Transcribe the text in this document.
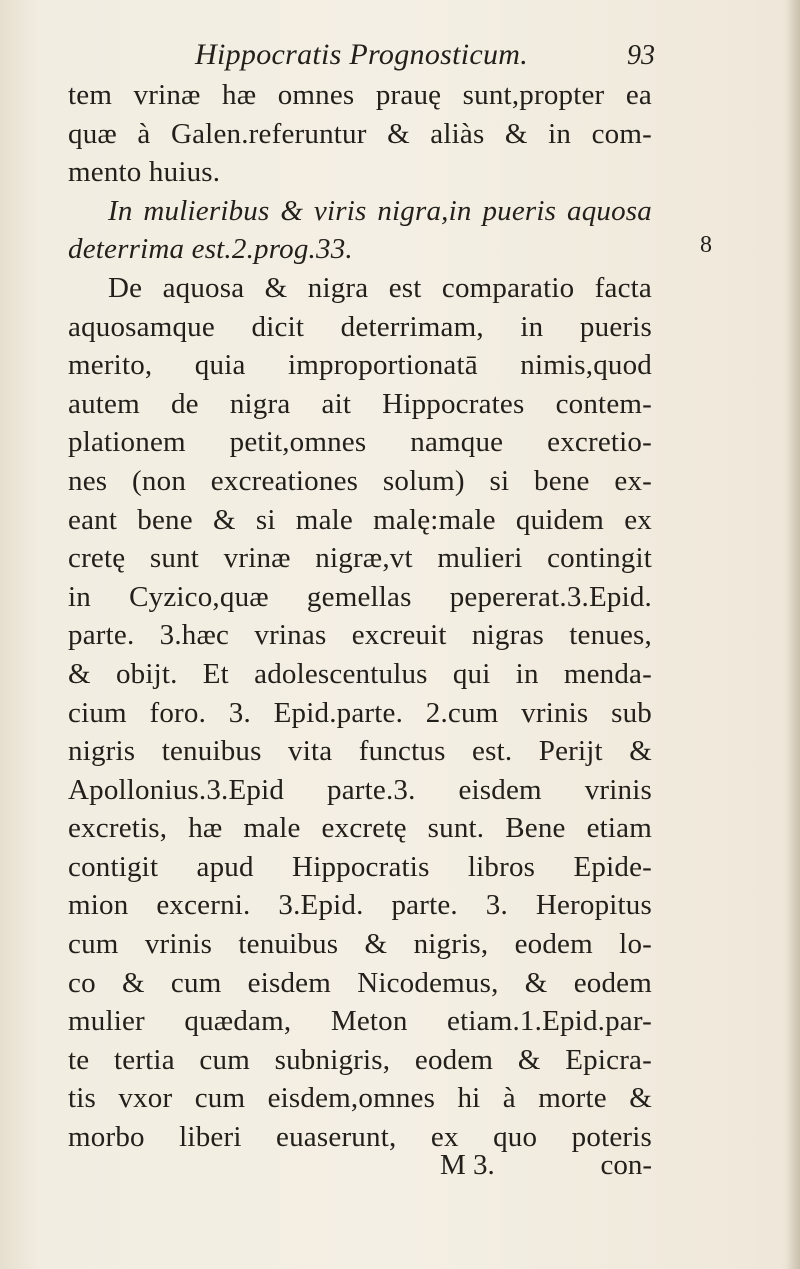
Hippocratis Prognosticum.	93
tem vrinæ hæ omnes prauę sunt,propter ea
quæ à Galen.referuntur & aliàs & in com-
mento huius.
In mulieribus & viris nigra,in pueris aquosa
deterrima est.2.prog.33.
De aquosa & nigra est comparatio facta
aquosamque dicit deterrimam, in pueris
merito, quia improportionatā nimis,quod
autem de nigra ait Hippocrates contem-
plationem petit,omnes namque excretio-
nes (non excreationes solum) si bene ex-
eant bene & si male malę:male quidem ex
cretę sunt vrinæ nigræ,vt mulieri contingit
in Cyzico,quæ gemellas pepererat.3.Epid.
parte. 3.hæc vrinas excreuit nigras tenues,
& obijt. Et adolescentulus qui in menda-
cium foro. 3. Epid.parte. 2.cum vrinis sub
nigris tenuibus vita functus est. Perijt &
Apollonius.3.Epid parte.3. eisdem vrinis
excretis, hæ male excretę sunt. Bene etiam
contigit apud Hippocratis libros Epide-
mion excerni. 3.Epid. parte. 3. Heropitus
cum vrinis tenuibus & nigris, eodem lo-
co & cum eisdem Nicodemus, & eodem
mulier quædam, Meton etiam.1.Epid.par-
te tertia cum subnigris, eodem & Epicra-
tis vxor cum eisdem,omnes hi à morte &
morbo liberi euaserunt, ex quo poteris
8
M 3.	con-
